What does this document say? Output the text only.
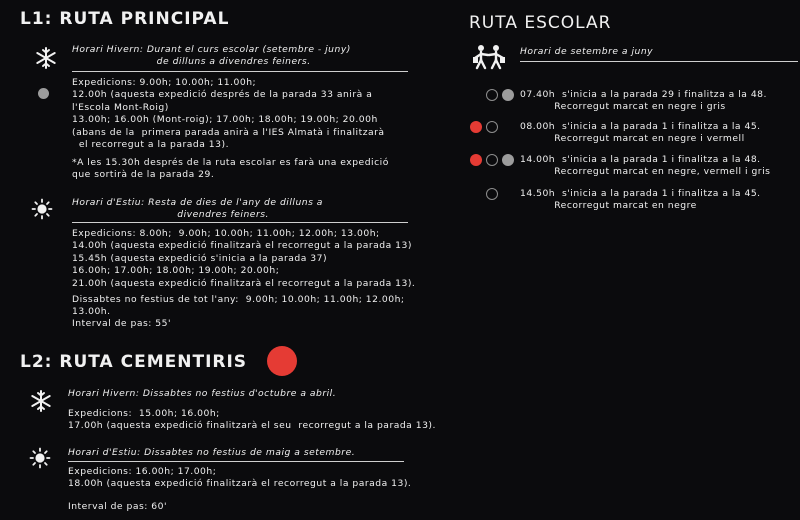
L1: RUTA PRINCIPAL
Horari Hivern: Durant el curs escolar (setembre - juny)
de dilluns a divendres feiners.
Expedicions: 9.00h; 10.00h; 11.00h;
12.00h (aquesta expedició després de la parada 33 anirà a
l'Escola Mont-Roig)
13.00h; 16.00h (Mont-roig); 17.00h; 18.00h; 19.00h; 20.00h
(abans de la  primera parada anirà a l'IES Almatà i finalitzarà
el recorregut a la parada 13).
*A les 15.30h després de la ruta escolar es farà una expedició
que sortirà de la parada 29.
Horari d'Estiu: Resta de dies de l'any de dilluns a
divendres feiners.
Expedicions: 8.00h;  9.00h; 10.00h; 11.00h; 12.00h; 13.00h;
14.00h (aquesta expedició finalitzarà el recorregut a la parada 13)
15.45h (aquesta expedició s'inicia a la parada 37)
16.00h; 17.00h; 18.00h; 19.00h; 20.00h;
21.00h (aquesta expedició finalitzarà el recorregut a la parada 13).
Dissabtes no festius de tot l'any:  9.00h; 10.00h; 11.00h; 12.00h;
13.00h.
Interval de pas: 55'
L2: RUTA CEMENTIRIS
Horari Hivern: Dissabtes no festius d'octubre a abril.
Expedicions:  15.00h; 16.00h;
17.00h (aquesta expedició finalitzarà el seu  recorregut a la parada 13).
Horari d'Estiu: Dissabtes no festius de maig a setembre.
Expedicions: 16.00h; 17.00h;
18.00h (aquesta expedició finalitzarà el recorregut a la parada 13).
Interval de pas: 60'
RUTA ESCOLAR
Horari de setembre a juny
07.40h  s'inicia a la parada 29 i finalitza a la 48.
Recorregut marcat en negre i gris
08.00h  s'inicia a la parada 1 i finalitza a la 45.
Recorregut marcat en negre i vermell
14.00h  s'inicia a la parada 1 i finalitza a la 48.
Recorregut marcat en negre, vermell i gris
14.50h  s'inicia a la parada 1 i finalitza a la 45.
Recorregut marcat en negre
